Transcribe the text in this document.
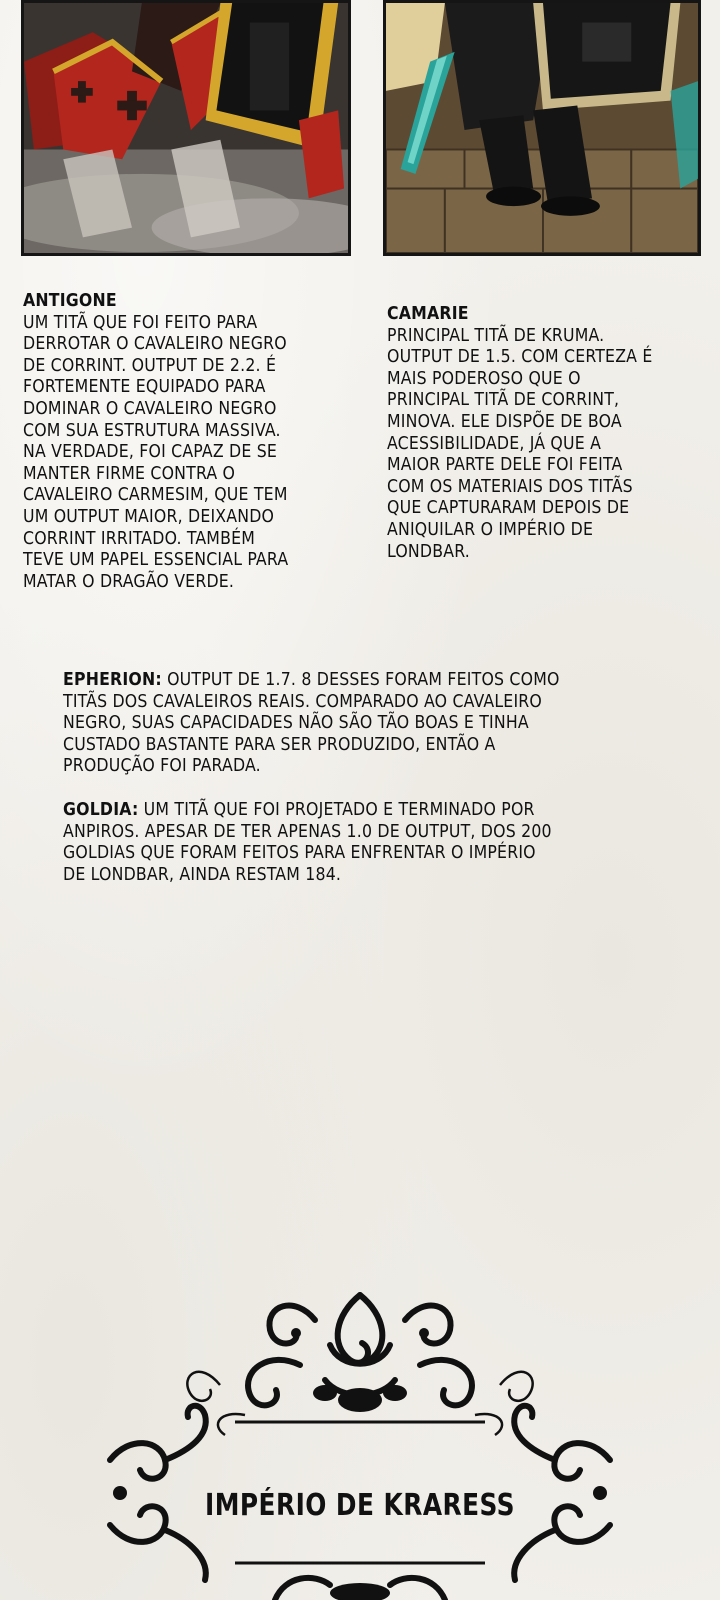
ANTIGONE
UM TITÃ QUE FOI FEITO PARA
DERROTAR O CAVALEIRO NEGRO
DE CORRINT. OUTPUT DE 2.2. É
FORTEMENTE EQUIPADO PARA
DOMINAR O CAVALEIRO NEGRO
COM SUA ESTRUTURA MASSIVA.
NA VERDADE, FOI CAPAZ DE SE
MANTER FIRME CONTRA O
CAVALEIRO CARMESIM, QUE TEM
UM OUTPUT MAIOR, DEIXANDO
CORRINT IRRITADO. TAMBÉM
TEVE UM PAPEL ESSENCIAL PARA
MATAR O DRAGÃO VERDE.
CAMARIE
PRINCIPAL TITÃ DE KRUMA.
OUTPUT DE 1.5. COM CERTEZA É
MAIS PODEROSO QUE O
PRINCIPAL TITÃ DE CORRINT,
MINOVA. ELE DISPÕE DE BOA
ACESSIBILIDADE, JÁ QUE A
MAIOR PARTE DELE FOI FEITA
COM OS MATERIAIS DOS TITÃS
QUE CAPTURARAM DEPOIS DE
ANIQUILAR O IMPÉRIO DE
LONDBAR.
EPHERION: OUTPUT DE 1.7. 8 DESSES FORAM FEITOS COMO
TITÃS DOS CAVALEIROS REAIS. COMPARADO AO CAVALEIRO
NEGRO, SUAS CAPACIDADES NÃO SÃO TÃO BOAS E TINHA
CUSTADO BASTANTE PARA SER PRODUZIDO, ENTÃO A
PRODUÇÃO FOI PARADA.
GOLDIA: UM TITÃ QUE FOI PROJETADO E TERMINADO POR
ANPIROS. APESAR DE TER APENAS 1.0 DE OUTPUT, DOS 200
GOLDIAS QUE FORAM FEITOS PARA ENFRENTAR O IMPÉRIO
DE LONDBAR, AINDA RESTAM 184.
IMPÉRIO DE KRARESS
